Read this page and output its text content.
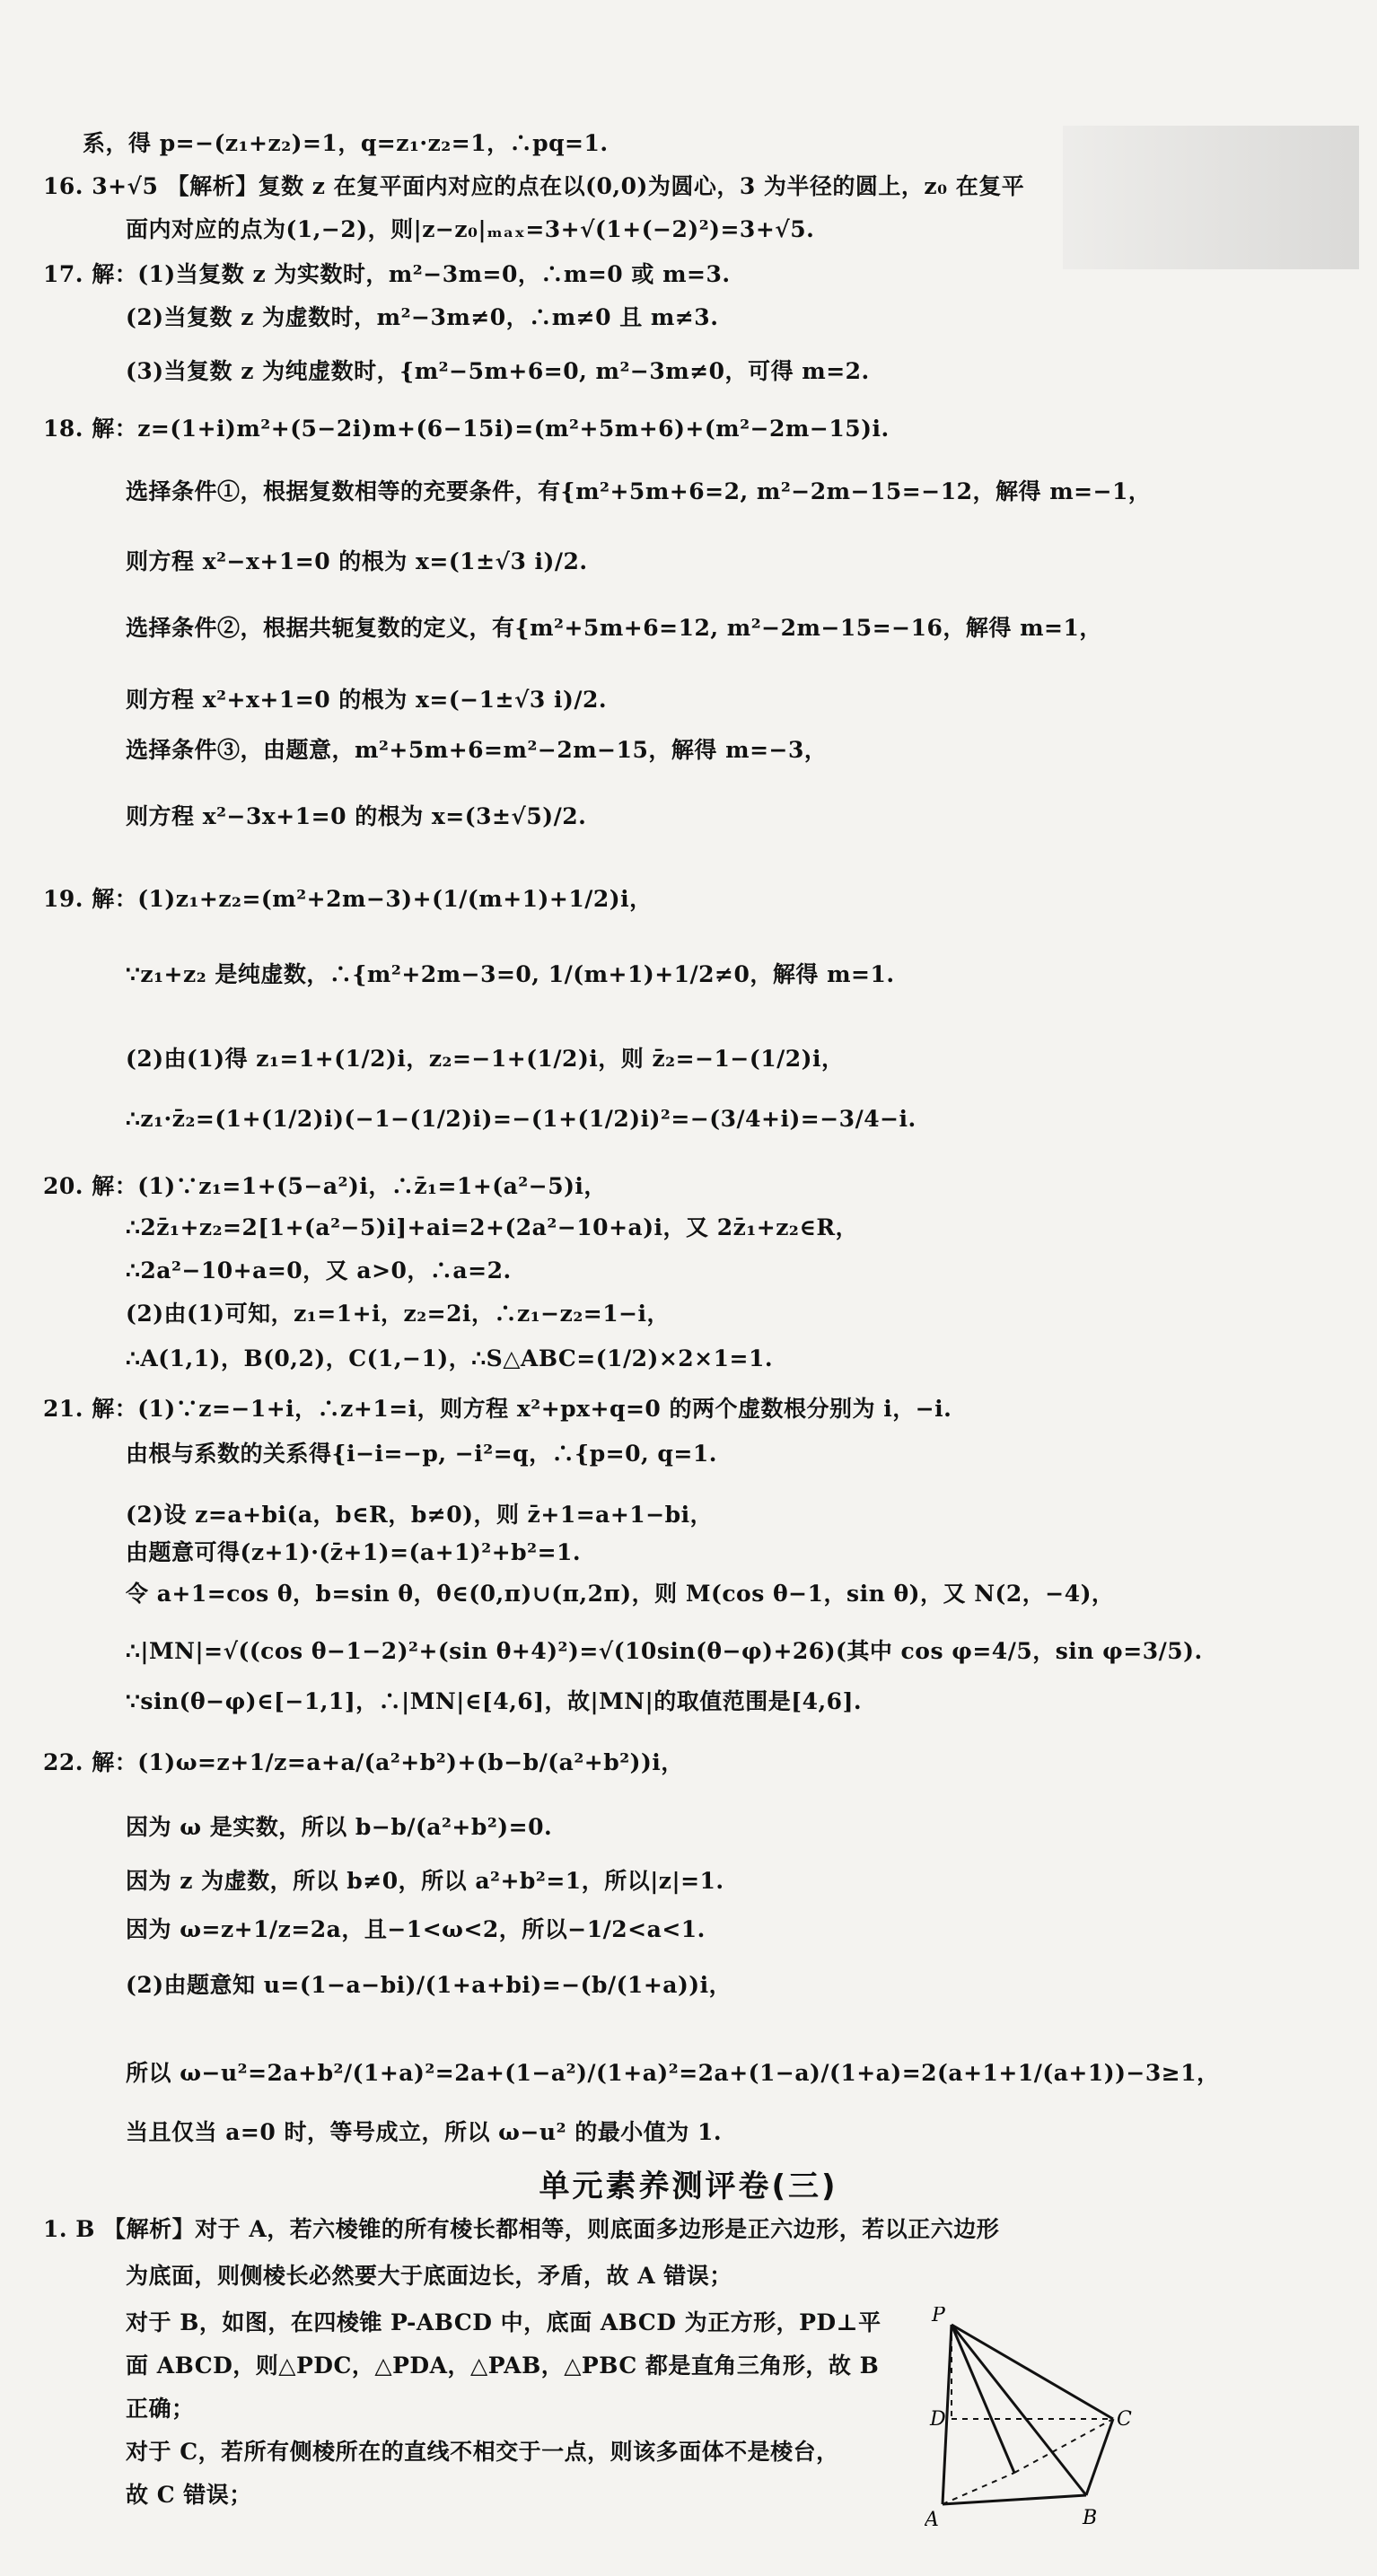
系，得 p=−(z₁+z₂)=1，q=z₁·z₂=1，∴pq=1.
16. 3+√5 【解析】复数 z 在复平面内对应的点在以(0,0)为圆心，3 为半径的圆上，z₀ 在复平
面内对应的点为(1,−2)，则|z−z₀|ₘₐₓ=3+√(1+(−2)²)=3+√5.
17. 解：(1)当复数 z 为实数时，m²−3m=0，∴m=0 或 m=3.
(2)当复数 z 为虚数时，m²−3m≠0，∴m≠0 且 m≠3.
(3)当复数 z 为纯虚数时，{m²−5m+6=0, m²−3m≠0，可得 m=2.
18. 解：z=(1+i)m²+(5−2i)m+(6−15i)=(m²+5m+6)+(m²−2m−15)i.
选择条件①，根据复数相等的充要条件，有{m²+5m+6=2, m²−2m−15=−12，解得 m=−1，
则方程 x²−x+1=0 的根为 x=(1±√3 i)/2.
选择条件②，根据共轭复数的定义，有{m²+5m+6=12, m²−2m−15=−16，解得 m=1，
则方程 x²+x+1=0 的根为 x=(−1±√3 i)/2.
选择条件③，由题意，m²+5m+6=m²−2m−15，解得 m=−3，
则方程 x²−3x+1=0 的根为 x=(3±√5)/2.
19. 解：(1)z₁+z₂=(m²+2m−3)+(1/(m+1)+1/2)i，
∵z₁+z₂ 是纯虚数，∴{m²+2m−3=0, 1/(m+1)+1/2≠0，解得 m=1.
(2)由(1)得 z₁=1+(1/2)i，z₂=−1+(1/2)i，则 z̄₂=−1−(1/2)i，
∴z₁·z̄₂=(1+(1/2)i)(−1−(1/2)i)=−(1+(1/2)i)²=−(3/4+i)=−3/4−i.
20. 解：(1)∵z₁=1+(5−a²)i，∴z̄₁=1+(a²−5)i，
∴2z̄₁+z₂=2[1+(a²−5)i]+ai=2+(2a²−10+a)i，又 2z̄₁+z₂∈R，
∴2a²−10+a=0，又 a>0，∴a=2.
(2)由(1)可知，z₁=1+i，z₂=2i，∴z₁−z₂=1−i，
∴A(1,1)，B(0,2)，C(1,−1)，∴S△ABC=(1/2)×2×1=1.
21. 解：(1)∵z=−1+i，∴z+1=i，则方程 x²+px+q=0 的两个虚数根分别为 i，−i.
由根与系数的关系得{i−i=−p, −i²=q，∴{p=0, q=1.
(2)设 z=a+bi(a，b∈R，b≠0)，则 z̄+1=a+1−bi，
由题意可得(z+1)·(z̄+1)=(a+1)²+b²=1.
令 a+1=cos θ，b=sin θ，θ∈(0,π)∪(π,2π)，则 M(cos θ−1，sin θ)，又 N(2，−4)，
∴|MN|=√((cos θ−1−2)²+(sin θ+4)²)=√(10sin(θ−φ)+26)(其中 cos φ=4/5，sin φ=3/5).
∵sin(θ−φ)∈[−1,1]，∴|MN|∈[4,6]，故|MN|的取值范围是[4,6].
22. 解：(1)ω=z+1/z=a+a/(a²+b²)+(b−b/(a²+b²))i，
因为 ω 是实数，所以 b−b/(a²+b²)=0.
因为 z 为虚数，所以 b≠0，所以 a²+b²=1，所以|z|=1.
因为 ω=z+1/z=2a，且−1<ω<2，所以−1/2<a<1.
(2)由题意知 u=(1−a−bi)/(1+a+bi)=−(b/(1+a))i，
所以 ω−u²=2a+b²/(1+a)²=2a+(1−a²)/(1+a)²=2a+(1−a)/(1+a)=2(a+1+1/(a+1))−3≥1，
当且仅当 a=0 时，等号成立，所以 ω−u² 的最小值为 1.
单元素养测评卷(三)
1. B 【解析】对于 A，若六棱锥的所有棱长都相等，则底面多边形是正六边形，若以正六边形
为底面，则侧棱长必然要大于底面边长，矛盾，故 A 错误；
对于 B，如图，在四棱锥 P-ABCD 中，底面 ABCD 为正方形，PD⊥平
面 ABCD，则△PDC，△PDA，△PAB，△PBC 都是直角三角形，故 B
正确；
对于 C，若所有侧棱所在的直线不相交于一点，则该多面体不是棱台，
故 C 错误；
P
D	C
A	B
